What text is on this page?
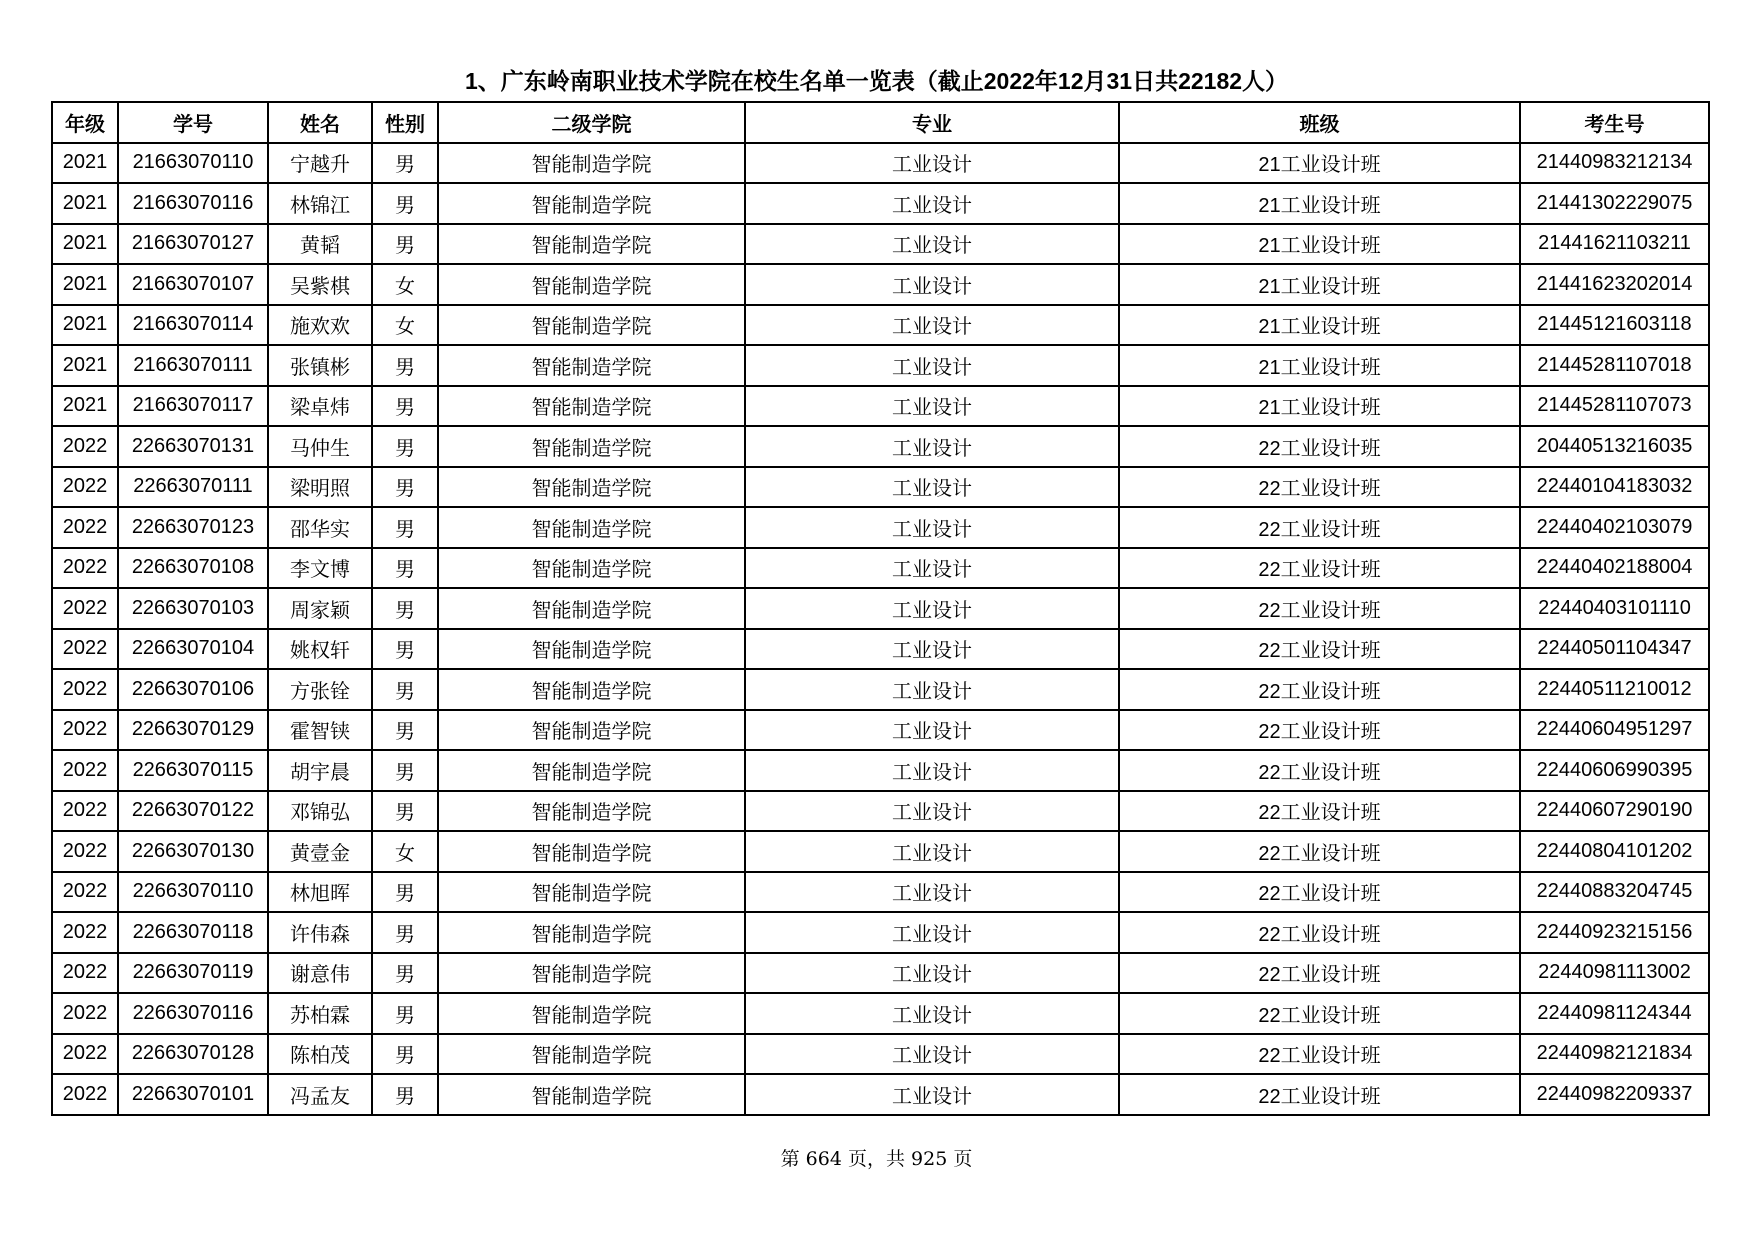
1、广东岭南职业技术学院在校生名单一览表（截止2022年12月31日共22182人）
年级	学号	姓名	性别	二级学院	专业	班级	考生号
2021	21663070110	宁越升	男	智能制造学院	工业设计	21工业设计班	21440983212134
2021	21663070116	林锦江	男	智能制造学院	工业设计	21工业设计班	21441302229075
2021	21663070127	黄韬	男	智能制造学院	工业设计	21工业设计班	21441621103211
2021	21663070107	吴紫棋	女	智能制造学院	工业设计	21工业设计班	21441623202014
2021	21663070114	施欢欢	女	智能制造学院	工业设计	21工业设计班	21445121603118
2021	21663070111	张镇彬	男	智能制造学院	工业设计	21工业设计班	21445281107018
2021	21663070117	梁卓炜	男	智能制造学院	工业设计	21工业设计班	21445281107073
2022	22663070131	马仲生	男	智能制造学院	工业设计	22工业设计班	20440513216035
2022	22663070111	梁明照	男	智能制造学院	工业设计	22工业设计班	22440104183032
2022	22663070123	邵华实	男	智能制造学院	工业设计	22工业设计班	22440402103079
2022	22663070108	李文博	男	智能制造学院	工业设计	22工业设计班	22440402188004
2022	22663070103	周家颖	男	智能制造学院	工业设计	22工业设计班	22440403101110
2022	22663070104	姚权轩	男	智能制造学院	工业设计	22工业设计班	22440501104347
2022	22663070106	方张铨	男	智能制造学院	工业设计	22工业设计班	22440511210012
2022	22663070129	霍智铗	男	智能制造学院	工业设计	22工业设计班	22440604951297
2022	22663070115	胡宇晨	男	智能制造学院	工业设计	22工业设计班	22440606990395
2022	22663070122	邓锦弘	男	智能制造学院	工业设计	22工业设计班	22440607290190
2022	22663070130	黄壹金	女	智能制造学院	工业设计	22工业设计班	22440804101202
2022	22663070110	林旭晖	男	智能制造学院	工业设计	22工业设计班	22440883204745
2022	22663070118	许伟森	男	智能制造学院	工业设计	22工业设计班	22440923215156
2022	22663070119	谢意伟	男	智能制造学院	工业设计	22工业设计班	22440981113002
2022	22663070116	苏柏霖	男	智能制造学院	工业设计	22工业设计班	22440981124344
2022	22663070128	陈柏茂	男	智能制造学院	工业设计	22工业设计班	22440982121834
2022	22663070101	冯孟友	男	智能制造学院	工业设计	22工业设计班	22440982209337
第 664 页，共 925 页
